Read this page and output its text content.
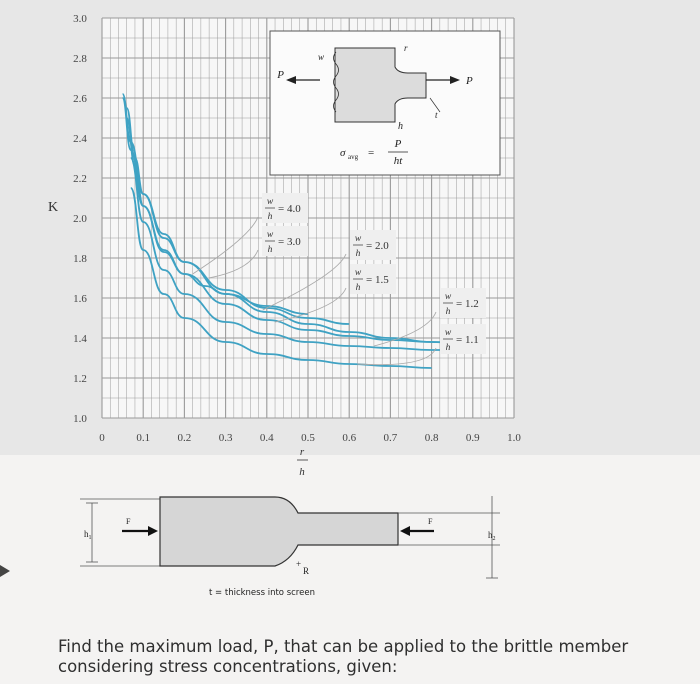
0	0.1 0.2 0.3 0.4 0.5 0.6 0.7 0.8 0.9 1.0
3.0
2.8
2.6
2.4
2.2
2.0
1.8
1.6
1.4
1.2
1.0
K
r
h
w
h
= 4.0
w
h
= 3.0	w
h
= 2.0
w
h
= 1.5
w
h
= 1.2
w
h
= 1.1
P	P
w
r
h
t
σ avg =
P
ht
$h_1$
F	F
$h_2$
+
R
t = thickness into screen
Find the maximum load, P, that can be applied to the brittle member considering stress concentrations, given:
